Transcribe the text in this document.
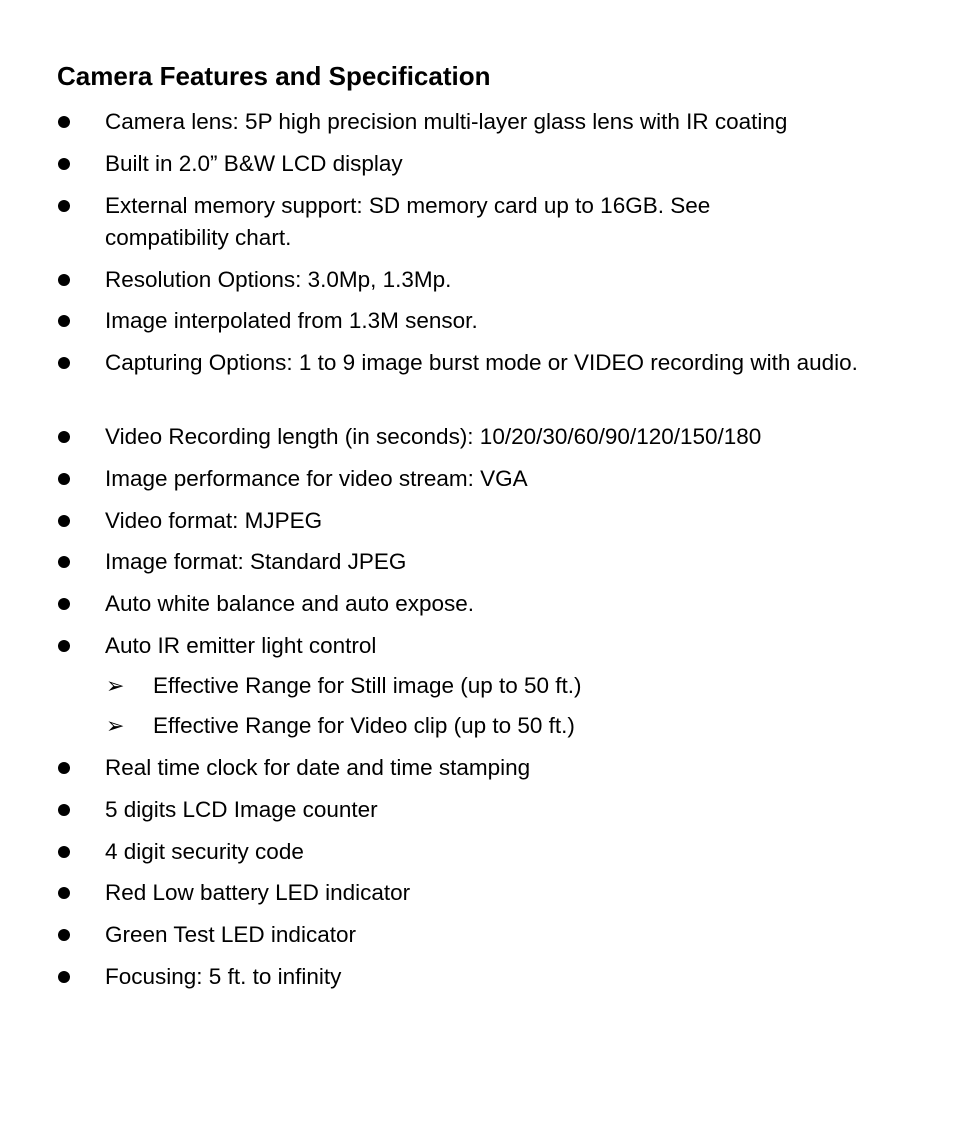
Camera Features and Specification
Camera lens: 5P high precision multi-layer glass lens with IR coating
Built in 2.0” B&W LCD display
External memory support: SD memory card up to 16GB. See compatibility chart.
Resolution Options: 3.0Mp, 1.3Mp.
Image interpolated from 1.3M sensor.
Capturing Options: 1 to 9 image burst mode or VIDEO recording with audio.
Video Recording length (in seconds): 10/20/30/60/90/120/150/180
Image performance for video stream: VGA
Video format: MJPEG
Image format: Standard JPEG
Auto white balance and auto expose.
Auto IR emitter light control
➢ Effective Range for Still image (up to 50 ft.)
➢ Effective Range for Video clip (up to 50 ft.)
Real time clock for date and time stamping
5 digits LCD Image counter
4 digit security code
Red Low battery LED indicator
Green Test LED indicator
Focusing: 5 ft. to infinity
